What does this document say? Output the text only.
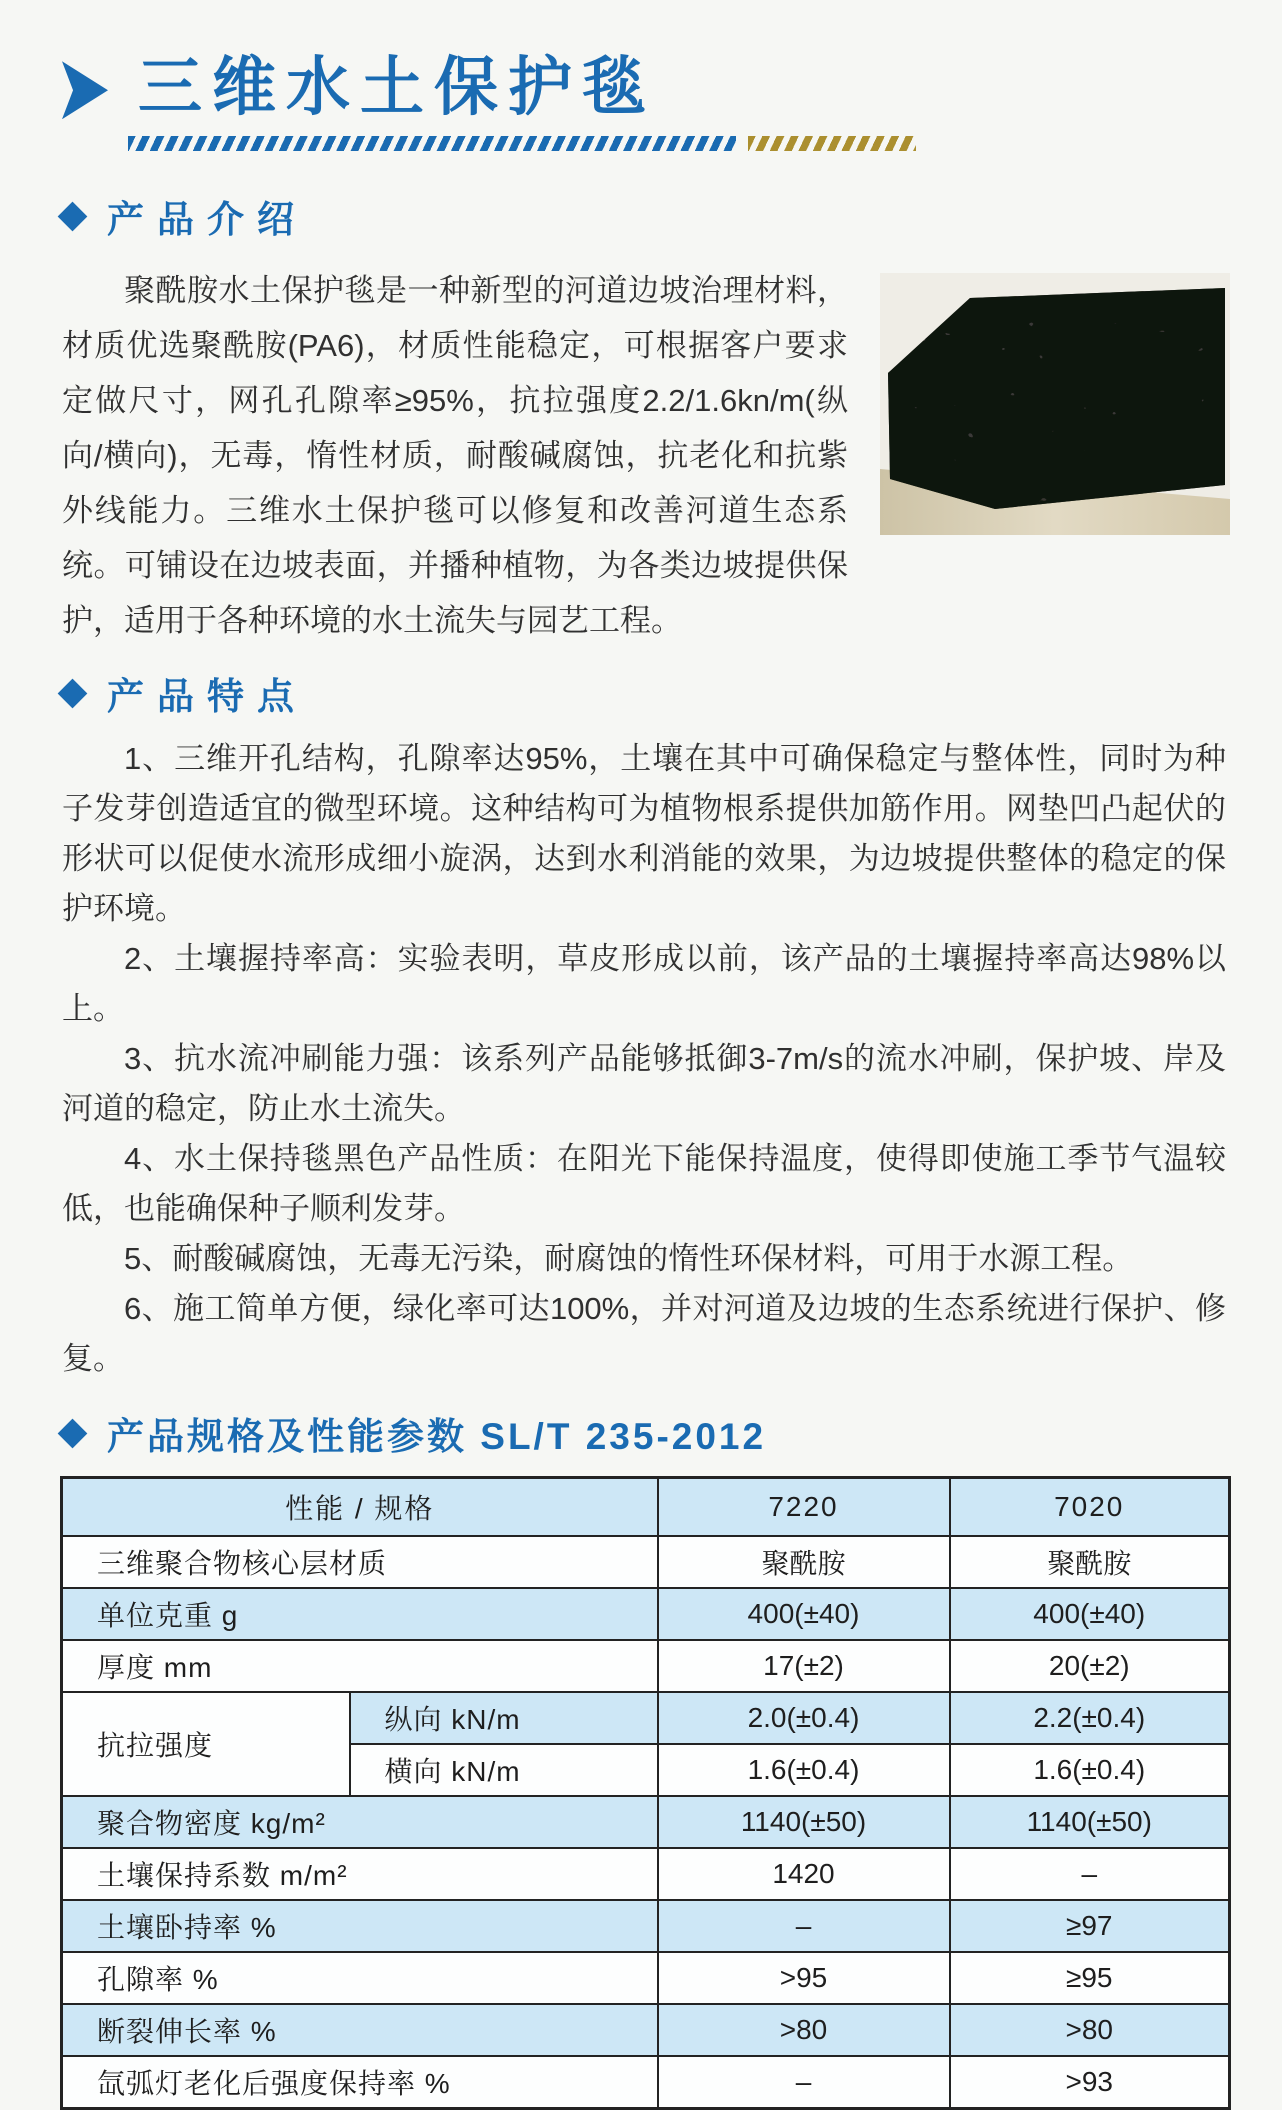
三维水土保护毯
产品介绍

聚酰胺水土保护毯是一种新型的河道边坡治理材料，材质优选聚酰胺(PA6)，材质性能稳定，可根据客户要求定做尺寸，网孔孔隙率≥95%，抗拉强度2.2/1.6kn/m(纵向/横向)，无毒，惰性材质，耐酸碱腐蚀，抗老化和抗紫外线能力。三维水土保护毯可以修复和改善河道生态系统。可铺设在边坡表面，并播种植物，为各类边坡提供保护，适用于各种环境的水土流失与园艺工程。

产品特点

1、三维开孔结构，孔隙率达95%，土壤在其中可确保稳定与整体性，同时为种子发芽创造适宜的微型环境。这种结构可为植物根系提供加筋作用。网垫凹凸起伏的形状可以促使水流形成细小旋涡，达到水利消能的效果，为边坡提供整体的稳定的保护环境。

2、土壤握持率高：实验表明，草皮形成以前，该产品的土壤握持率高达98%以上。

3、抗水流冲刷能力强：该系列产品能够抵御3-7m/s的流水冲刷，保护坡、岸及河道的稳定，防止水土流失。

4、水土保持毯黑色产品性质：在阳光下能保持温度，使得即使施工季节气温较低，也能确保种子顺利发芽。

5、耐酸碱腐蚀，无毒无污染，耐腐蚀的惰性环保材料，可用于水源工程。

6、施工简单方便，绿化率可达100%，并对河道及边坡的生态系统进行保护、修复。

产品规格及性能参数 SL/T 235-2012
性能 / 规格		7220	7020
三维聚合物核心层材质		聚酰胺	聚酰胺
单位克重 g		400(±40)	400(±40)
厚度 mm		17(±2)	20(±2)
抗拉强度	纵向 kN/m	2.0(±0.4)	2.2(±0.4)
	横向 kN/m	1.6(±0.4)	1.6(±0.4)
聚合物密度 kg/m²		1140(±50)	1140(±50)
土壤保持系数 m/m²		1420	–
土壤卧持率 %		–	≥97
孔隙率 %		>95	≥95
断裂伸长率 %		>80	>80
氙弧灯老化后强度保持率 %		–	>93
